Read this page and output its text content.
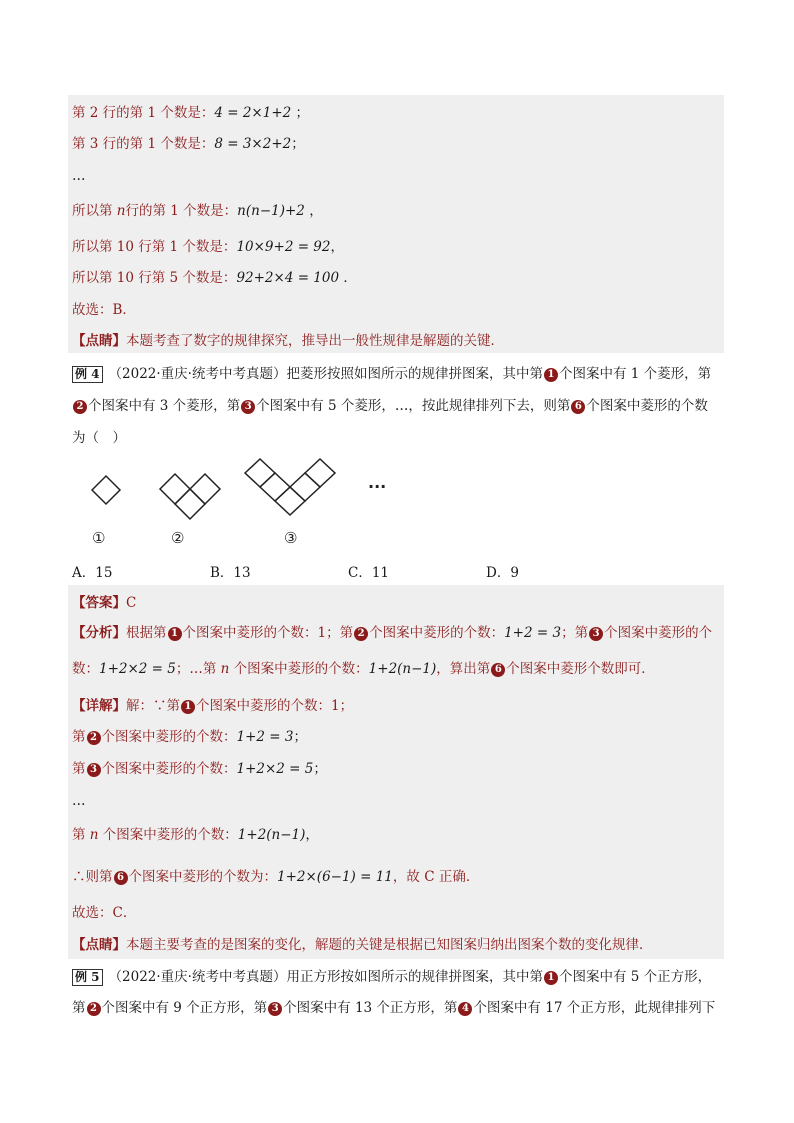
第 2 行的第 1 个数是：4 = 2×1+2 ；
第 3 行的第 1 个数是：8 = 3×2+2；
…
所以第 n行的第 1 个数是：n(n−1)+2 ，
所以第 10 行第 1 个数是：10×9+2 = 92，
所以第 10 行第 5 个数是：92+2×4 = 100 ．
故选：B．
【点睛】本题考查了数字的规律探究，推导出一般性规律是解题的关键．
例 4 （2022·重庆·统考中考真题）把菱形按照如图所示的规律拼图案，其中第 1 个图案中有 1 个菱形，第
2 个图案中有 3 个菱形，第 3 个图案中有 5 个菱形，…，按此规律排列下去，则第 6 个图案中菱形的个数
为（　）
①	②	③
···
A．15	B．13	C．11	D．9
【答案】C
【分析】根据第 1 个图案中菱形的个数：1；第 2 个图案中菱形的个数：1+2 = 3；第 3 个图案中菱形的个
数：1+2×2 = 5；…第 n 个图案中菱形的个数：1+2(n−1)，算出第 6 个图案中菱形个数即可．
【详解】解：∵第 1 个图案中菱形的个数：1；
第 2 个图案中菱形的个数：1+2 = 3；
第 3 个图案中菱形的个数：1+2×2 = 5；
…
第 n 个图案中菱形的个数：1+2(n−1)，
∴则第 6 个图案中菱形的个数为：1+2×(6−1) = 11，故 C 正确．
故选：C．
【点睛】本题主要考查的是图案的变化，解题的关键是根据已知图案归纳出图案个数的变化规律．
例 5 （2022·重庆·统考中考真题）用正方形按如图所示的规律拼图案，其中第 1 个图案中有 5 个正方形，
第 2 个图案中有 9 个正方形，第 3 个图案中有 13 个正方形，第 4 个图案中有 17 个正方形，此规律排列下
